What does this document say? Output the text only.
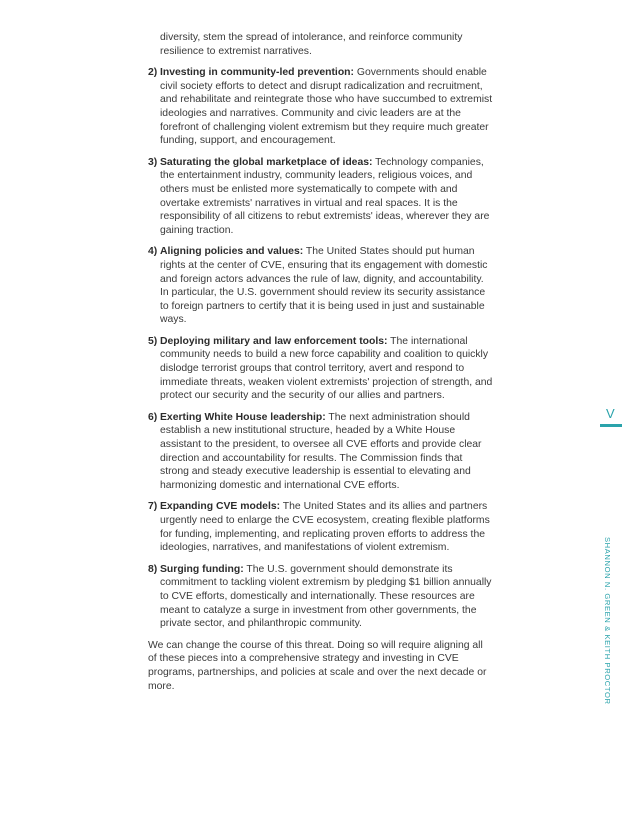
diversity, stem the spread of intolerance, and reinforce community resilience to extremist narratives.

2) Investing in community-led prevention: Governments should enable civil society efforts to detect and disrupt radicalization and recruitment, and rehabilitate and reintegrate those who have succumbed to extremist ideologies and narratives. Community and civic leaders are at the forefront of challenging violent extremism but they require much greater funding, support, and encouragement.
3) Saturating the global marketplace of ideas: Technology companies, the entertainment industry, community leaders, religious voices, and others must be enlisted more systematically to compete with and overtake extremists' narratives in virtual and real spaces. It is the responsibility of all citizens to rebut extremists' ideas, wherever they are gaining traction.
4) Aligning policies and values: The United States should put human rights at the center of CVE, ensuring that its engagement with domestic and foreign actors advances the rule of law, dignity, and accountability. In particular, the U.S. government should review its security assistance to foreign partners to certify that it is being used in just and sustainable ways.
5) Deploying military and law enforcement tools: The international community needs to build a new force capability and coalition to quickly dislodge terrorist groups that control territory, avert and respond to immediate threats, weaken violent extremists' projection of strength, and protect our security and the security of our allies and partners.
6) Exerting White House leadership: The next administration should establish a new institutional structure, headed by a White House assistant to the president, to oversee all CVE efforts and provide clear direction and accountability for results. The Commission finds that strong and steady executive leadership is essential to elevating and harmonizing domestic and international CVE efforts.
7) Expanding CVE models: The United States and its allies and partners urgently need to enlarge the CVE ecosystem, creating flexible platforms for funding, implementing, and replicating proven efforts to address the ideologies, narratives, and manifestations of violent extremism.
8) Surging funding: The U.S. government should demonstrate its commitment to tackling violent extremism by pledging $1 billion annually to CVE efforts, domestically and internationally. These resources are meant to catalyze a surge in investment from other governments, the private sector, and philanthropic community.

We can change the course of this threat. Doing so will require aligning all of these pieces into a comprehensive strategy and investing in CVE programs, partnerships, and policies at scale and over the next decade or more.

V
SHANNON N. GREEN & KEITH PROCTOR
